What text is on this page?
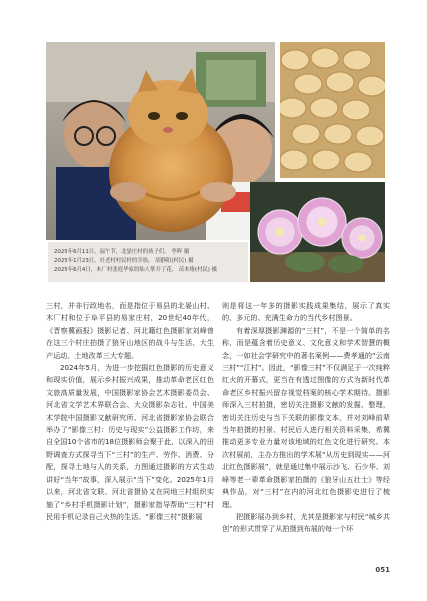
2025年6月11日，福午节，北晏庄村的孩子们。 李晖 摄
2025年1月23日，社老村村民村的宰族。 胡静阳(村民) 摄
2025年6月4日，木厂村张庭华家的仙人掌开了花。 苗木烙(村民) 摄

三村，并非行政地名，而是指位于易县的北晏山村、木厂村和位于阜平县的易家庄村，20世纪40年代，《晋察冀画报》摄影记者、河北籍红色摄影家刘峰曾在这三个村庄拍摄了狼牙山地区的战斗与生活、大生产运动、土地改革三大专题。

2024年5月，为进一步挖掘红色摄影的历史意义和现实价值，展示乡村振兴成果，推动革命老区红色文旅高质量发展，中国摄影家协会艺术摄影委员会、河北省文学艺术界联合会、大众摄影杂志社、中国美术学院中国摄影文献研究所、河北省摄影家协会联合举办了“影像三村：历史与现实”公益摄影工作坊，来自全国10个省市的18位摄影师会聚于此，以深入的田野调查方式探寻当下“三村”的生产、劳作、消费、分配，探寻土地与人的关系，力图通过摄影的方式生动讲好“当年”故事，深入展示“当下”变化。2025年1月以来，河北省文联、河北省摄协又在同地三村组织实施了“乡村手机摄影计划”，摄影家指导帮助“三村”村民用手机记录自己火热的生活。“影像三村”摄影展

则是将这一年多的摄影实践成果集结，展示了真实的、多元的、充满生命力的当代乡村图景。

有着深厚摄影渊源的“三村”，不是一个简单的名称，而是蕴含着历史意义、文化意义和学术智慧的概念，一如社会学研究中的著名案例——费孝通的“云南三村”“江村”。因此，“影像三村”不仅满足于一次纯粹红火的开幕式，更当在有透过图像的方式为新时代革命老区乡村振兴留存视觉档案的核心学术期待。摄影师深入三村拍摄，密切关注摄影文献的发掘、整理，密切关注历史与当下关联的影像文本，并对刘峰前辈当年拍摄的村景、村民后人进行相关资料采集，希冀推动更多专业力量对该地域的红色文化进行研究。本次村展前，主办方推出的学术展“从历史到现实——河北红色摄影展”，就是通过集中展示沙飞、石少华、刘峰等老一辈革命摄影家拍摄的《狼牙山五壮士》等经典作品，对“三村”在内的河北红色摄影史进行了梳理。

把摄影展办到乡村，尤其是摄影家与村民“城乡共创”的形式贯穿了从拍摄到布展的每一个环

051
